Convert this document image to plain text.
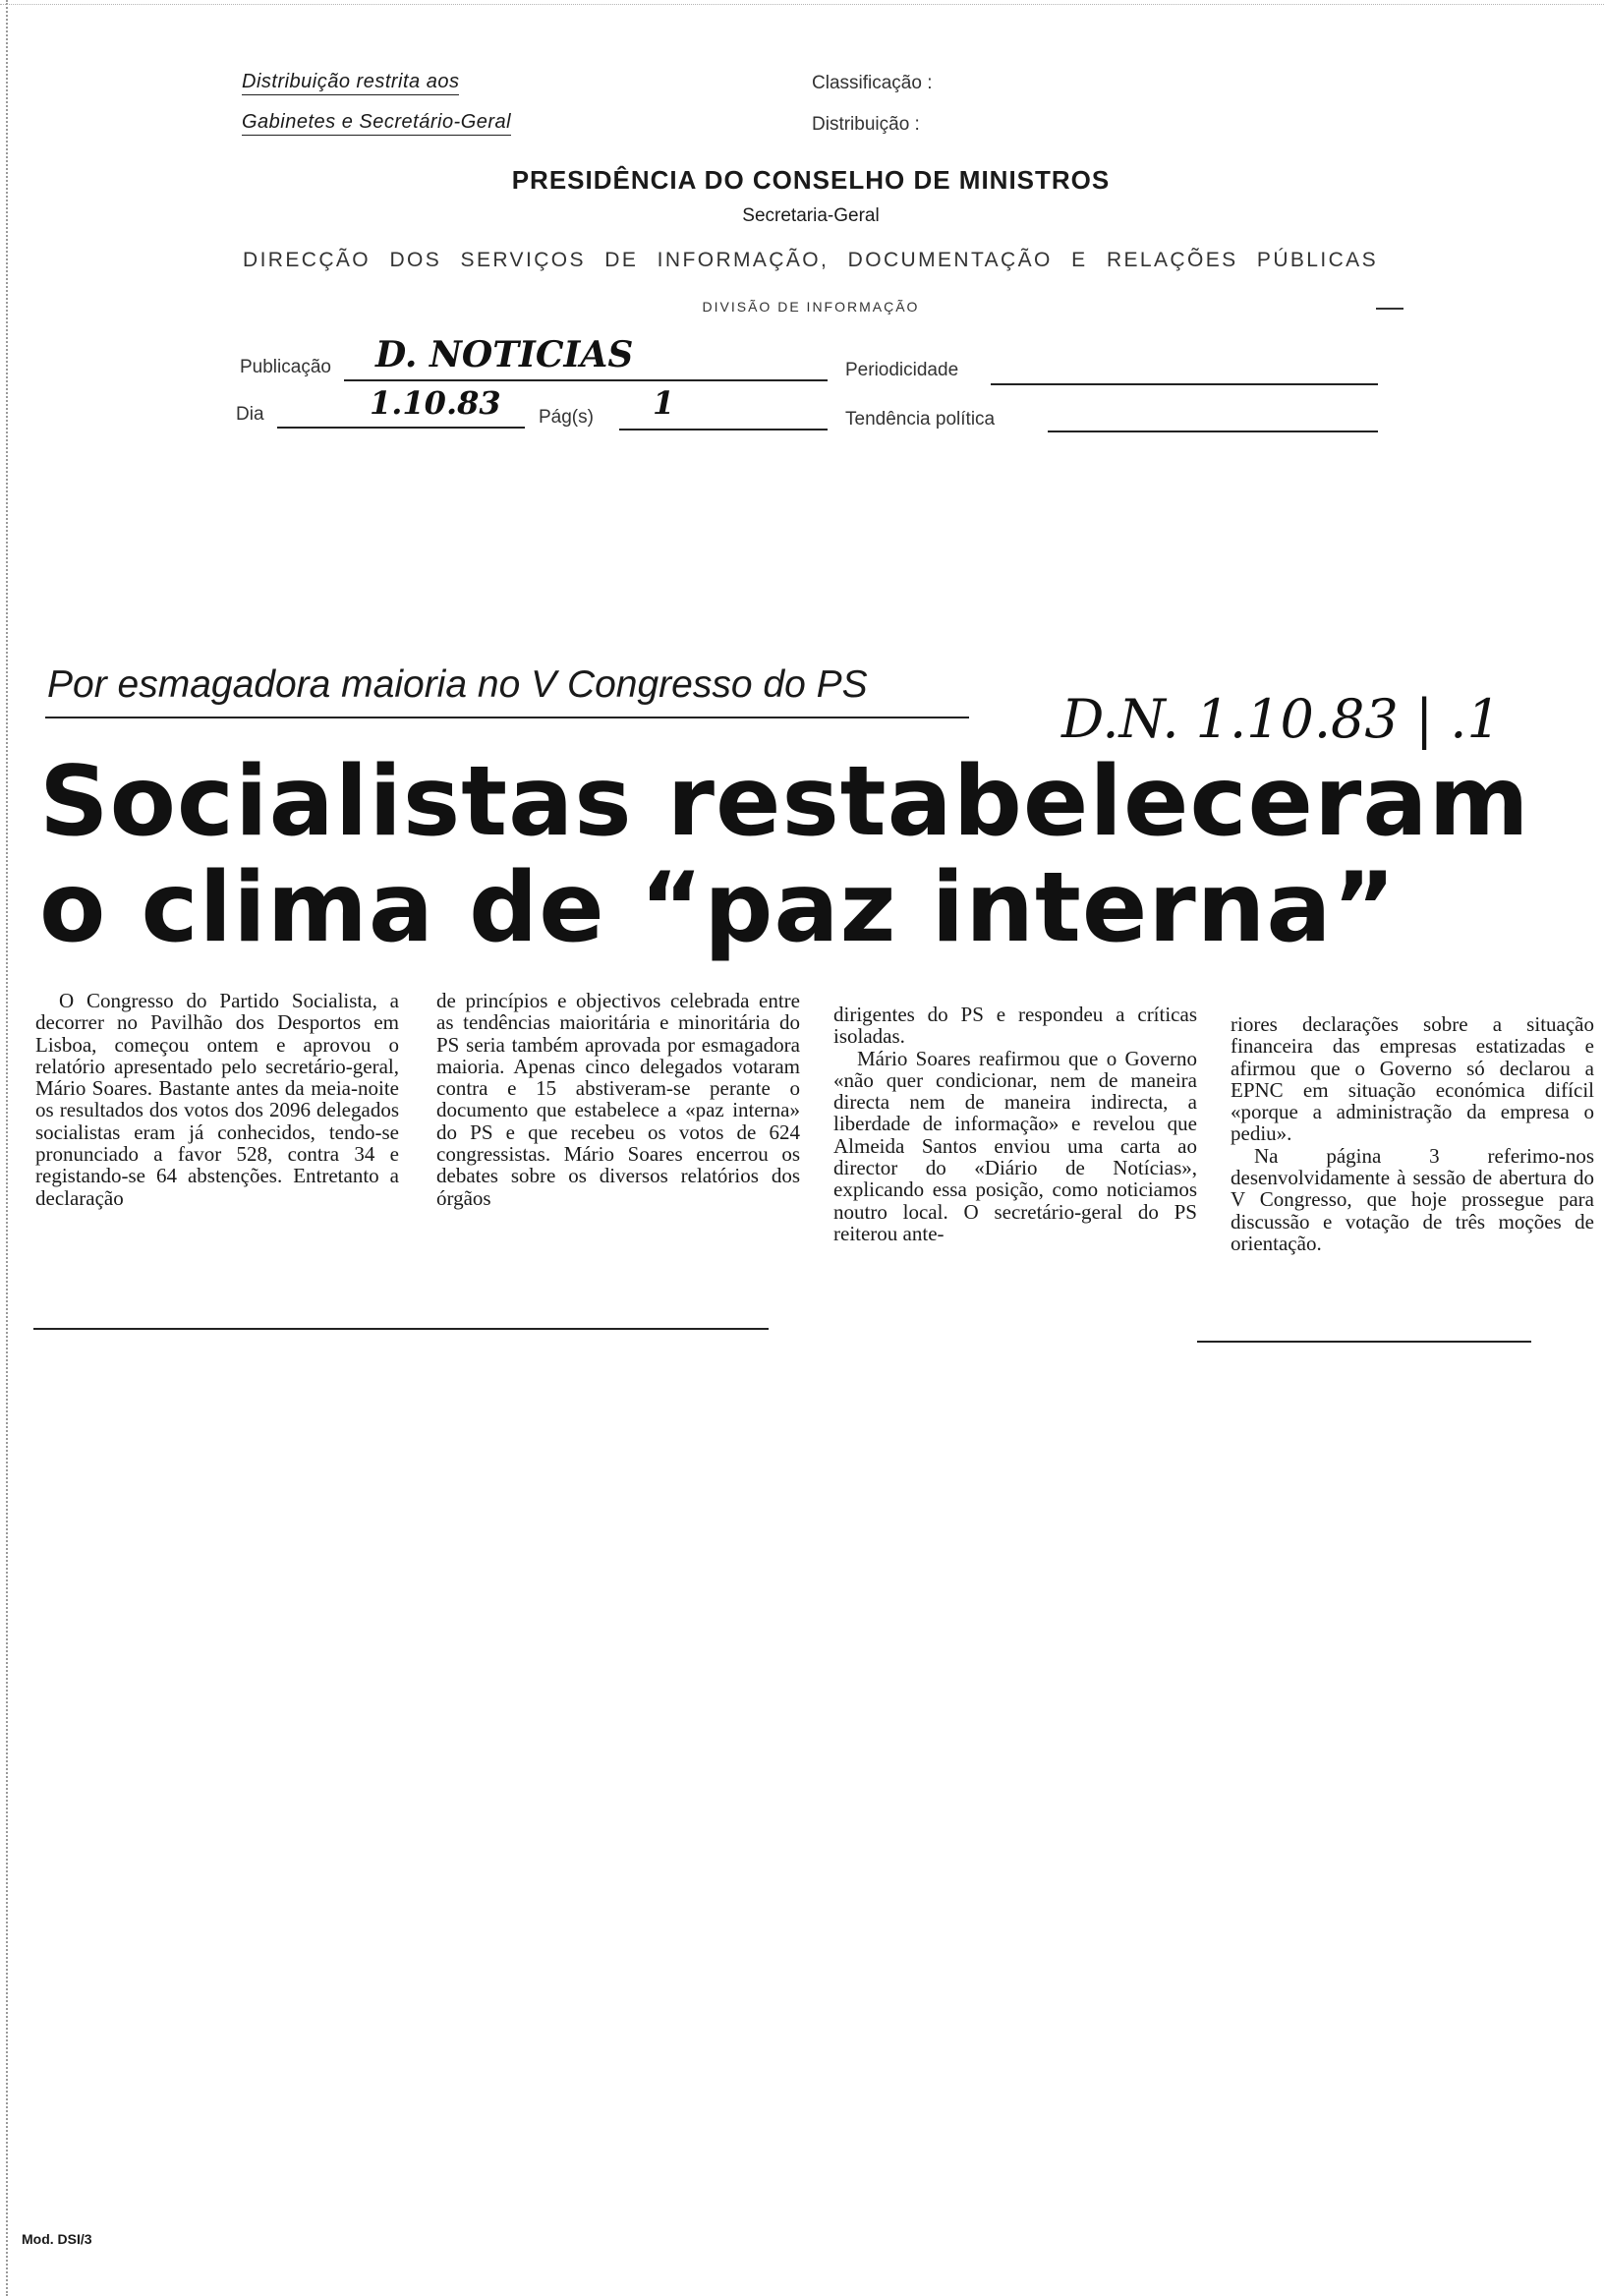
Distribuição restrita aos
Gabinetes e Secretário-Geral
Classificação :
Distribuição :
PRESIDÊNCIA DO CONSELHO DE MINISTROS
Secretaria-Geral
DIRECÇÃO DOS SERVIÇOS DE INFORMAÇÃO, DOCUMENTAÇÃO E RELAÇÕES PÚBLICAS
DIVISÃO DE INFORMAÇÃO
Publicação D. NOTICIAS	Periodicidade
Dia	1.10.83 Pág(s) 1	Tendência política
Por esmagadora maioria no V Congresso do PS
D.N. 1.10.83 | .1
Socialistas restabeleceram
o clima de “paz interna”

O Congresso do Partido Socialista, a decorrer no Pavilhão dos Desportos em Lisboa, começou ontem e aprovou o relatório apresentado pelo secretário-geral, Mário Soares. Bastante antes da meia-noite os resultados dos votos dos 2096 delegados socialistas eram já conhecidos, tendo-se pronunciado a favor 528, contra 34 e registando-se 64 abstenções. Entretanto a declaração

de princípios e objectivos celebrada entre as tendências maioritária e minoritária do PS seria também aprovada por esmagadora maioria. Apenas cinco delegados votaram contra e 15 abstiveram-se perante o documento que estabelece a «paz interna» do PS e que recebeu os votos de 624 congressistas. Mário Soares encerrou os debates sobre os diversos relatórios dos órgãos

dirigentes do PS e respondeu a críticas isoladas.

Mário Soares reafirmou que o Governo «não quer condicionar, nem de maneira directa nem de maneira indirecta, a liberdade de informação» e revelou que Almeida Santos enviou uma carta ao director do «Diário de Notícias», explicando essa posição, como noticiamos noutro local. O secretário-geral do PS reiterou ante-

riores declarações sobre a situação financeira das empresas estatizadas e afirmou que o Governo só declarou a EPNC em situação económica difícil «porque a administração da empresa o pediu».

Na página 3 referimo-nos desenvolvidamente à sessão de abertura do V Congresso, que hoje prossegue para discussão e votação de três moções de orientação.

Mod. DSI/3
